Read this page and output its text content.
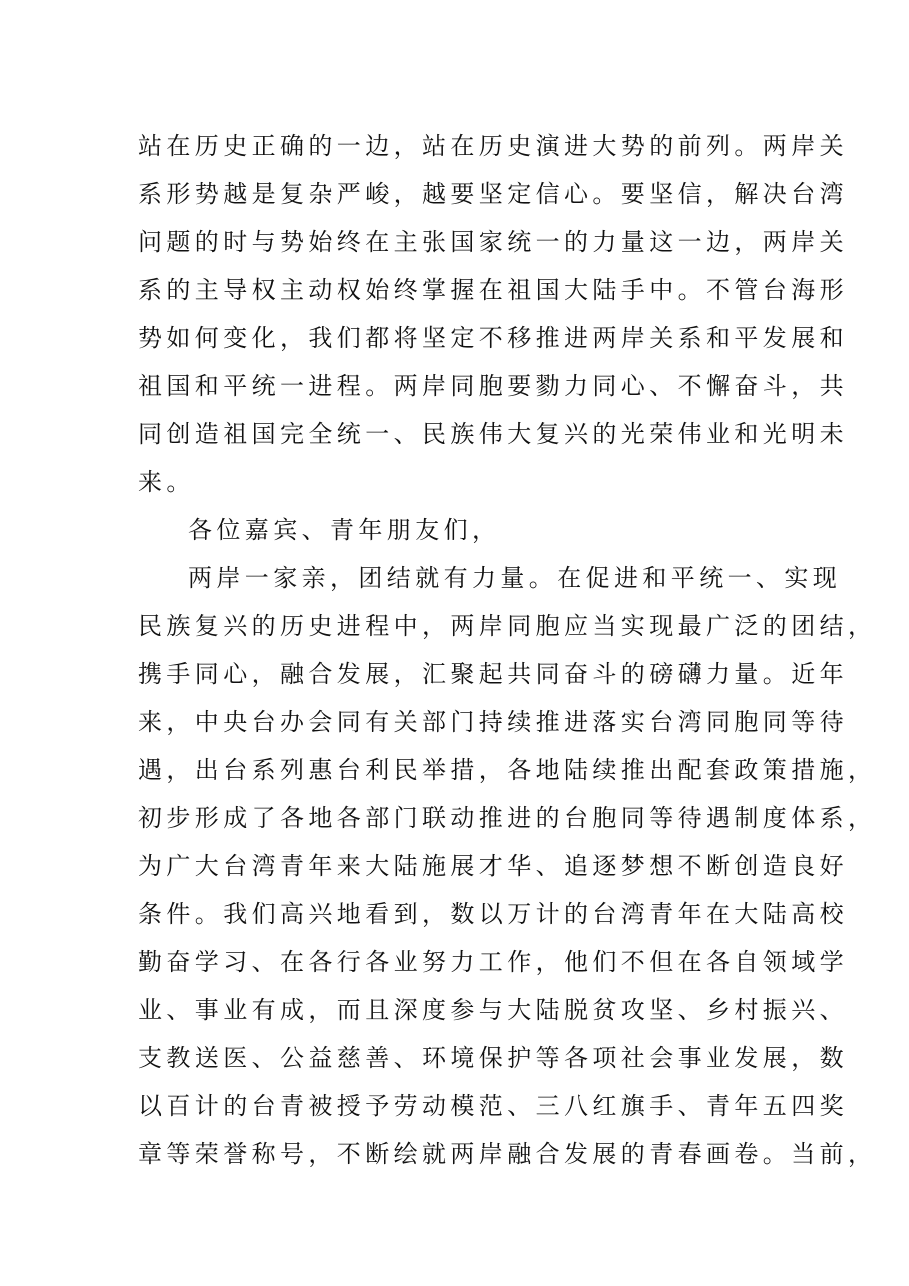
站在历史正确的一边，站在历史演进大势的前列。两岸关
系形势越是复杂严峻，越要坚定信心。要坚信，解决台湾
问题的时与势始终在主张国家统一的力量这一边，两岸关
系的主导权主动权始终掌握在祖国大陆手中。不管台海形
势如何变化，我们都将坚定不移推进两岸关系和平发展和
祖国和平统一进程。两岸同胞要勠力同心、不懈奋斗，共
同创造祖国完全统一、民族伟大复兴的光荣伟业和光明未
来。
各位嘉宾、青年朋友们，
两岸一家亲，团结就有力量。在促进和平统一、实现
民族复兴的历史进程中，两岸同胞应当实现最广泛的团结，
携手同心，融合发展，汇聚起共同奋斗的磅礴力量。近年
来，中央台办会同有关部门持续推进落实台湾同胞同等待
遇，出台系列惠台利民举措，各地陆续推出配套政策措施，
初步形成了各地各部门联动推进的台胞同等待遇制度体系，
为广大台湾青年来大陆施展才华、追逐梦想不断创造良好
条件。我们高兴地看到，数以万计的台湾青年在大陆高校
勤奋学习、在各行各业努力工作，他们不但在各自领域学
业、事业有成，而且深度参与大陆脱贫攻坚、乡村振兴、
支教送医、公益慈善、环境保护等各项社会事业发展，数
以百计的台青被授予劳动模范、三八红旗手、青年五四奖
章等荣誉称号，不断绘就两岸融合发展的青春画卷。当前，
